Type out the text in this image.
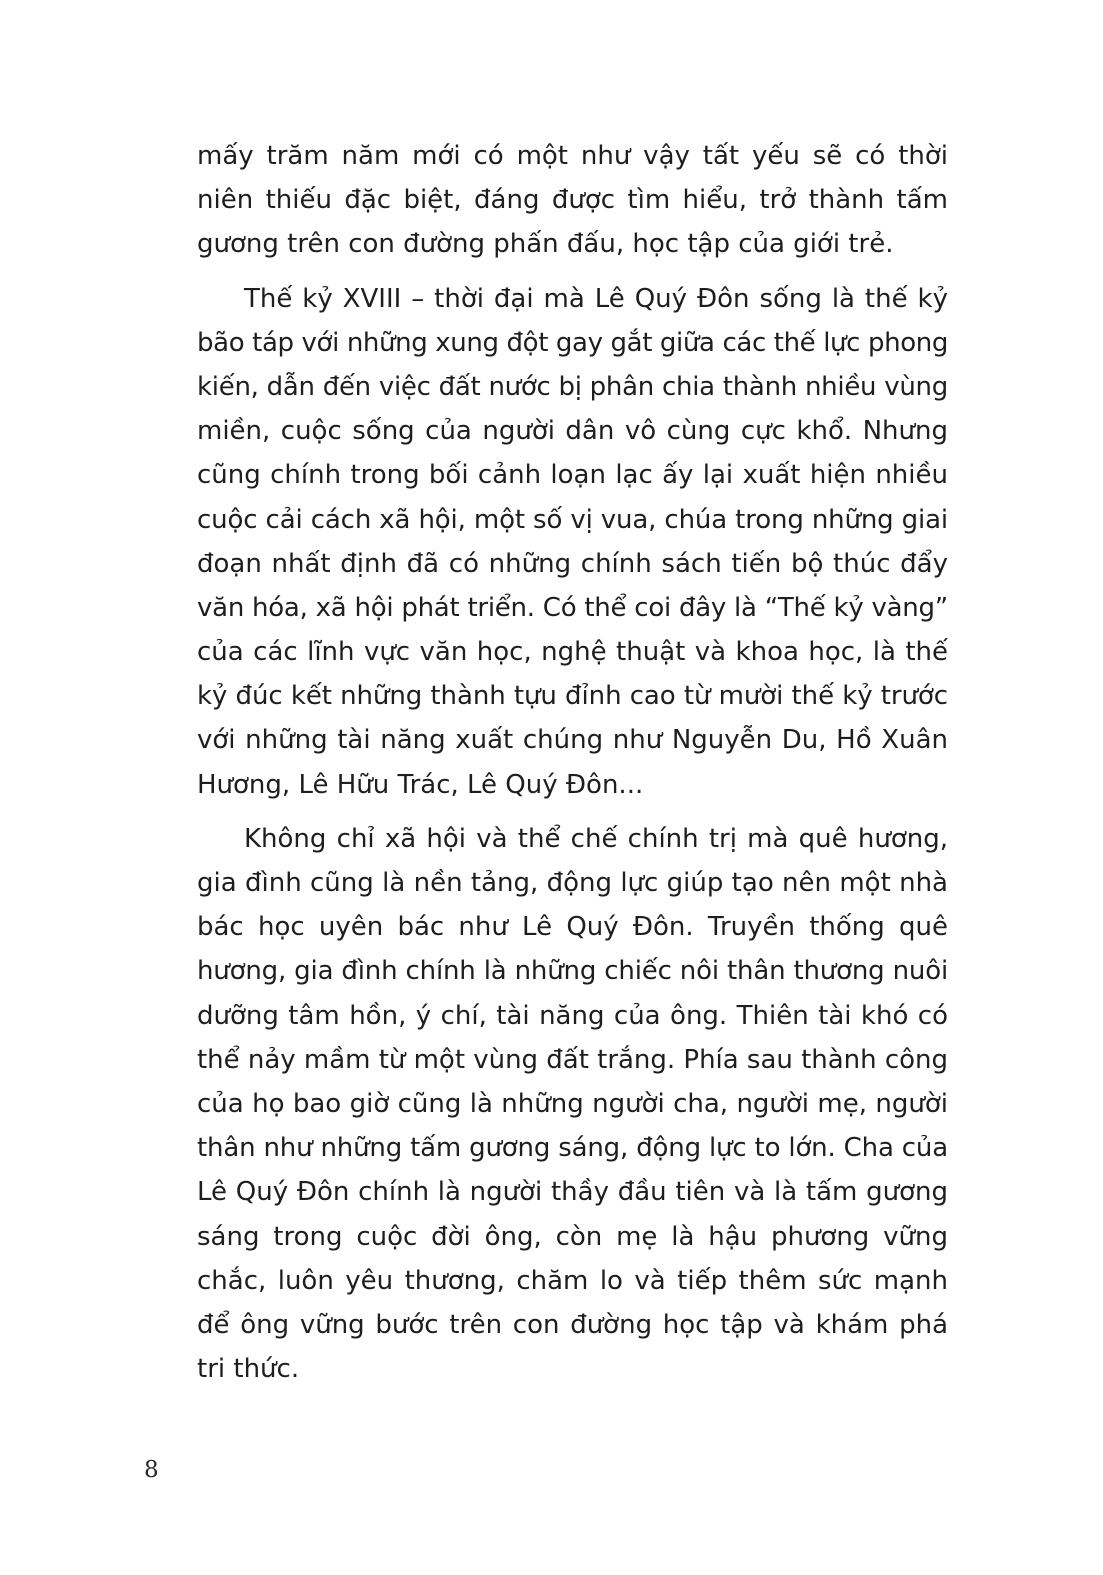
mấy trăm năm mới có một như vậy tất yếu sẽ có thời
niên thiếu đặc biệt, đáng được tìm hiểu, trở thành tấm
gương trên con đường phấn đấu, học tập của giới trẻ.
Thế kỷ XVIII – thời đại mà Lê Quý Đôn sống là thế kỷ
bão táp với những xung đột gay gắt giữa các thế lực phong
kiến, dẫn đến việc đất nước bị phân chia thành nhiều vùng
miền, cuộc sống của người dân vô cùng cực khổ. Nhưng
cũng chính trong bối cảnh loạn lạc ấy lại xuất hiện nhiều
cuộc cải cách xã hội, một số vị vua, chúa trong những giai
đoạn nhất định đã có những chính sách tiến bộ thúc đẩy
văn hóa, xã hội phát triển. Có thể coi đây là “Thế kỷ vàng”
của các lĩnh vực văn học, nghệ thuật và khoa học, là thế
kỷ đúc kết những thành tựu đỉnh cao từ mười thế kỷ trước
với những tài năng xuất chúng như Nguyễn Du, Hồ Xuân
Hương, Lê Hữu Trác, Lê Quý Đôn...
Không chỉ xã hội và thể chế chính trị mà quê hương,
gia đình cũng là nền tảng, động lực giúp tạo nên một nhà
bác học uyên bác như Lê Quý Đôn. Truyền thống quê
hương, gia đình chính là những chiếc nôi thân thương nuôi
dưỡng tâm hồn, ý chí, tài năng của ông. Thiên tài khó có
thể nảy mầm từ một vùng đất trắng. Phía sau thành công
của họ bao giờ cũng là những người cha, người mẹ, người
thân như những tấm gương sáng, động lực to lớn. Cha của
Lê Quý Đôn chính là người thầy đầu tiên và là tấm gương
sáng trong cuộc đời ông, còn mẹ là hậu phương vững
chắc, luôn yêu thương, chăm lo và tiếp thêm sức mạnh
để ông vững bước trên con đường học tập và khám phá
tri thức.
8
